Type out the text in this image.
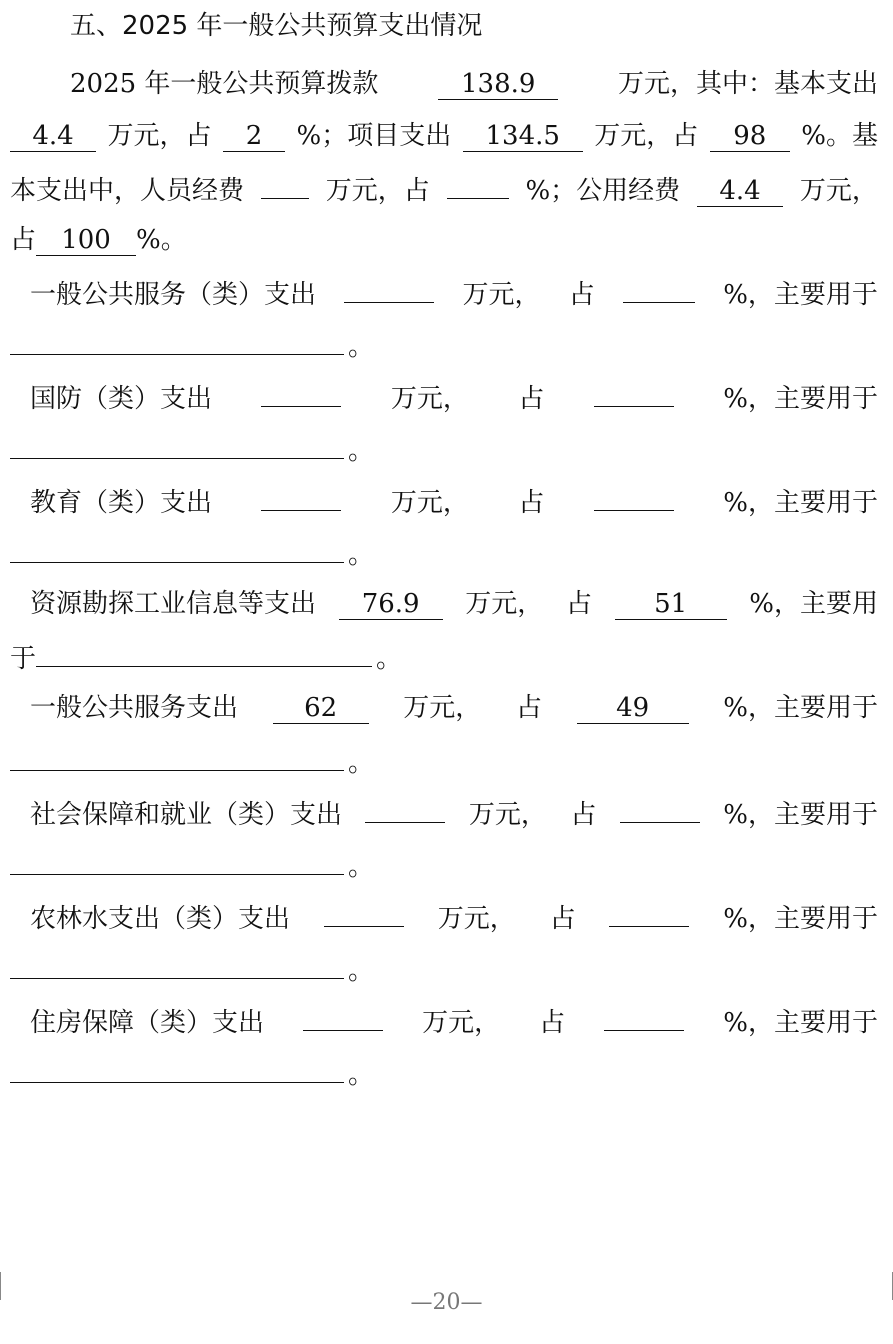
五、2025 年一般公共预算支出情况
2025 年一般公共预算拨款	138.9	万元，其中：基本支出
4.4	万元，占	2	%；项目支出	134.5	万元，占	98	%。基
本支出中，人员经费	万元，占	%；公用经费	4.4	万元，
占 100 %。
一般公共服务（类）支出	万元， 占	%，主要用于
。
国防（类）支出	万元， 占	%，主要用于
。
教育（类）支出	万元， 占	%，主要用于
。
资源勘探工业信息等支出	76.9	万元， 占	51	%，主要用
于	。
一般公共服务支出	62	万元， 占	49	%，主要用于
。
社会保障和就业（类）支出	万元， 占	%，主要用于
。
农林水支出（类）支出	万元， 占	%，主要用于
。
住房保障（类）支出	万元， 占	%，主要用于
。
—20—
